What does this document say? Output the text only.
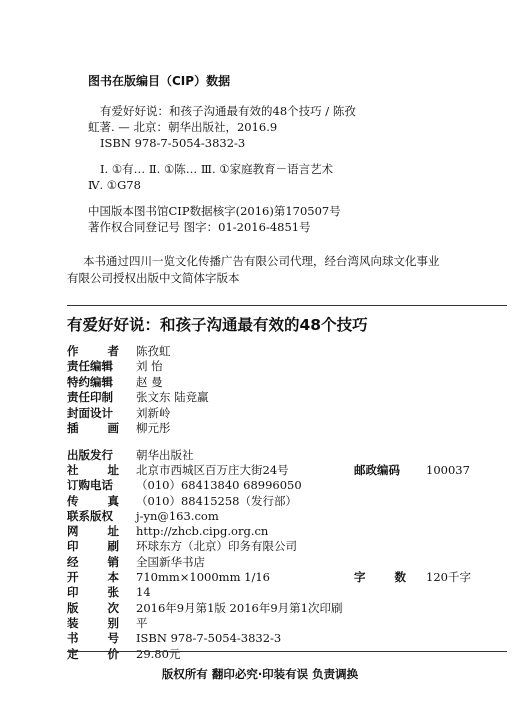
图书在版编目（CIP）数据

有爱好好说：和孩子沟通最有效的48个技巧 / 陈孜

虹著. — 北京：朝华出版社，2016.9

ISBN 978-7-5054-3832-3

Ⅰ. ①有… Ⅱ. ①陈… Ⅲ. ①家庭教育－语言艺术

Ⅳ. ①G78

中国版本图书馆CIP数据核字(2016)第170507号

著作权合同登记号 图字：01-2016-4851号

本书通过四川一览文化传播广告有限公司代理，经台湾风向球文化事业

有限公司授权出版中文简体字版本
有爱好好说：和孩子沟通最有效的48个技巧
作	者 陈孜虹
责任编辑	刘 怡
特约编辑	赵 曼
责任印制	张文东 陆竞赢
封面设计	刘新岭
插	画 柳元彤
出版发行	朝华出版社
社	址 北京市西城区百万庄大街24号	邮政编码	100037
订购电话	（010）68413840 68996050
传	真 （010）88415258（发行部）
联系版权	j-yn@163.com
网	址 http://zhcb.cipg.org.cn
印	刷 环球东方（北京）印务有限公司
经	销 全国新华书店
开	本 710mm×1000mm 1/16	字	数 120千字
印	张 14
版	次 2016年9月第1版 2016年9月第1次印刷
装	别 平
书	号 ISBN 978-7-5054-3832-3
定	价 29.80元
版权所有 翻印必究·印装有误 负责调换
